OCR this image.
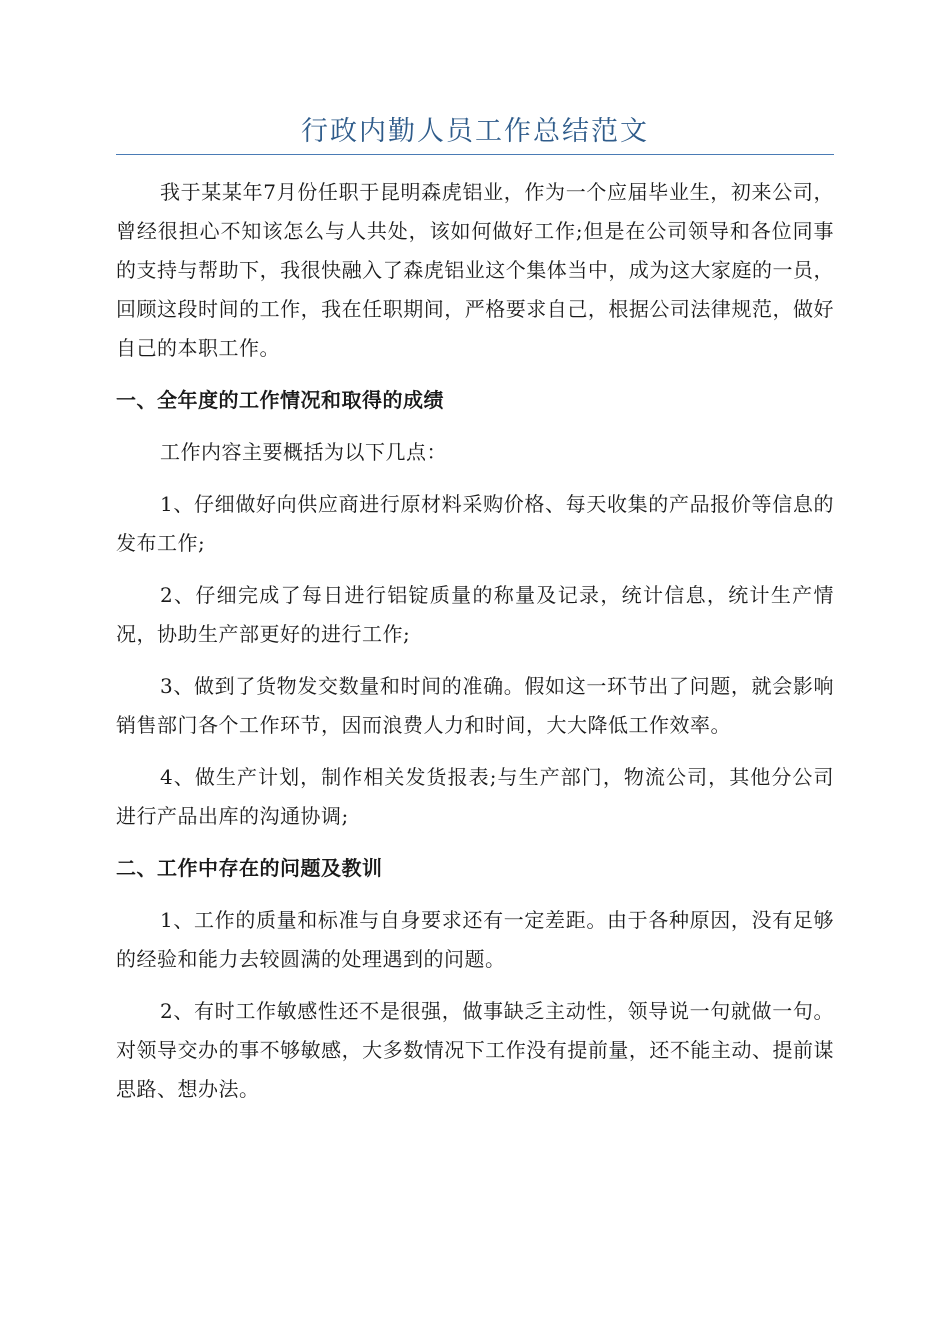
行政内勤人员工作总结范文

我于某某年7月份任职于昆明森虎铝业，作为一个应届毕业生，初来公司，曾经很担心不知该怎么与人共处，该如何做好工作;但是在公司领导和各位同事的支持与帮助下，我很快融入了森虎铝业这个集体当中，成为这大家庭的一员，回顾这段时间的工作，我在任职期间，严格要求自己，根据公司法律规范，做好自己的本职工作。

一、全年度的工作情况和取得的成绩

工作内容主要概括为以下几点：

1、仔细做好向供应商进行原材料采购价格、每天收集的产品报价等信息的发布工作;

2、仔细完成了每日进行铝锭质量的称量及记录，统计信息，统计生产情况，协助生产部更好的进行工作;

3、做到了货物发交数量和时间的准确。假如这一环节出了问题，就会影响销售部门各个工作环节，因而浪费人力和时间，大大降低工作效率。

4、做生产计划，制作相关发货报表;与生产部门，物流公司，其他分公司进行产品出库的沟通协调;

二、工作中存在的问题及教训

1、工作的质量和标准与自身要求还有一定差距。由于各种原因，没有足够的经验和能力去较圆满的处理遇到的问题。

2、有时工作敏感性还不是很强，做事缺乏主动性，领导说一句就做一句。对领导交办的事不够敏感，大多数情况下工作没有提前量，还不能主动、提前谋思路、想办法。
